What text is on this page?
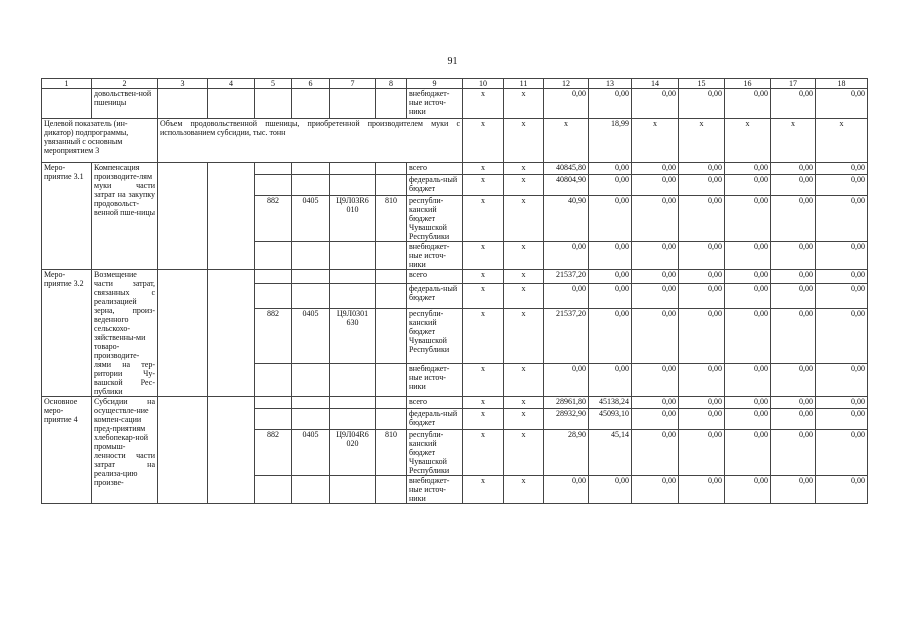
91
1	2	3	4	5	6	7	8	9	10	11	12	13	14	15	16	17	18	
	довольствен-ной пшеницы							внебюджет-ные источ-ники	x	x	0,00	0,00	0,00	0,00	0,00	0,00	0,00	
Целевой показатель (ин-дикатор) подпрограммы, увязанный с основным мероприятием 3		Объем продовольственной пшеницы, приобретенной производителем муки с использованием субсидии, тыс. тонн							x	x	x	18,99	x	x	x	x	x	
Меро-приятие 3.1	Компенсация производите-лям муки части затрат на закупку продовольст-венной пше-ницы							всего	x	x	40845,80	0,00	0,00	0,00	0,00	0,00	0,00	
								федераль-ный бюджет	x	x	40804,90	0,00	0,00	0,00	0,00	0,00	0,00	
				882	0405	Ц9Л03R6 010	810	республи-канский бюджет Чувашской Республики	x	x	40,90	0,00	0,00	0,00	0,00	0,00	0,00	
								внебюджет-ные источ-ники	x	x	0,00	0,00	0,00	0,00	0,00	0,00	0,00	
Меро-приятие 3.2	Возмещение части затрат, связанных с реализацией зерна, произ-веденного сельскохо-зяйственны-ми товаро-производите-лями на тер-ритории Чу-вашской Рес-публики							всего	x	x	21537,20	0,00	0,00	0,00	0,00	0,00	0,00	
								федераль-ный бюджет	x	x	0,00	0,00	0,00	0,00	0,00	0,00	0,00	
				882	0405	Ц9Л0301 630		республи-канский бюджет Чувашской Республики	x	x	21537,20	0,00	0,00	0,00	0,00	0,00	0,00	
								внебюджет-ные источ-ники	x	x	0,00	0,00	0,00	0,00	0,00	0,00	0,00	
Основное меро-приятие 4	Субсидии на осуществле-ние компен-сации пред-приятиям хлебопекар-ной промыш-ленности части затрат на реализа-цию произве-							всего	x	x	28961,80	45138,24	0,00	0,00	0,00	0,00	0,00	
								федераль-ный бюджет	x	x	28932,90	45093,10	0,00	0,00	0,00	0,00	0,00	
				882	0405	Ц9Л04R6 020	810	республи-канский бюджет Чувашской Республики	x	x	28,90	45,14	0,00	0,00	0,00	0,00	0,00	
								внебюджет-ные источ-ники	x	x	0,00	0,00	0,00	0,00	0,00	0,00	0,00	
